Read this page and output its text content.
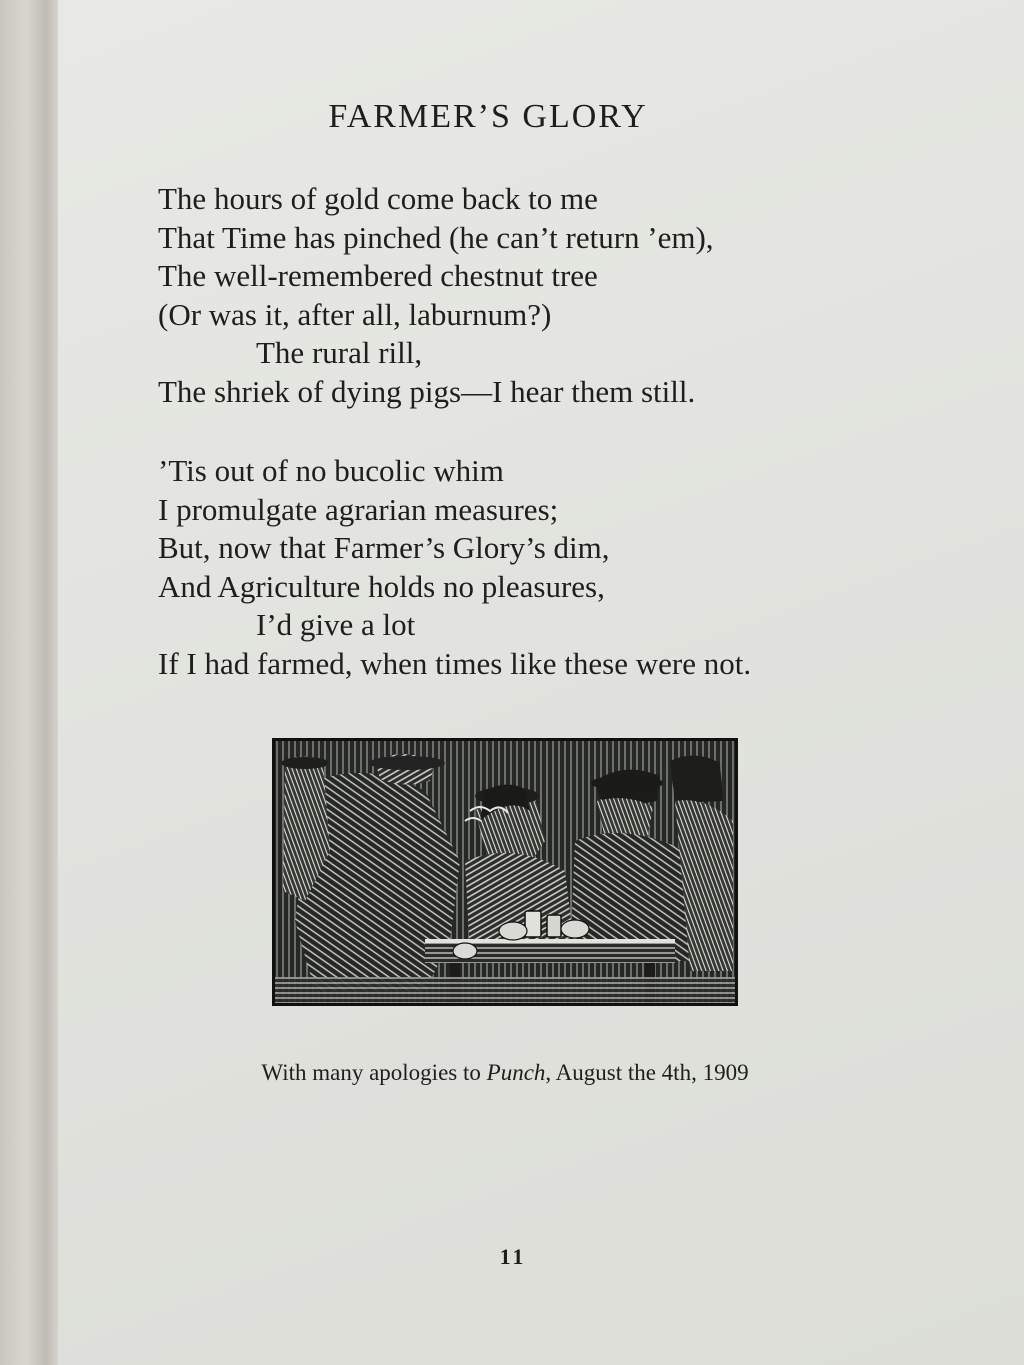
FARMER’S GLORY
The hours of gold come back to me
That Time has pinched (he can’t return ’em),
The well-remembered chestnut tree
(Or was it, after all, laburnum?)
The rural rill,
The shriek of dying pigs—I hear them still.
’Tis out of no bucolic whim
I promulgate agrarian measures;
But, now that Farmer’s Glory’s dim,
And Agriculture holds no pleasures,
I’d give a lot
If I had farmed, when times like these were not.
With many apologies to Punch, August the 4th, 1909
11
